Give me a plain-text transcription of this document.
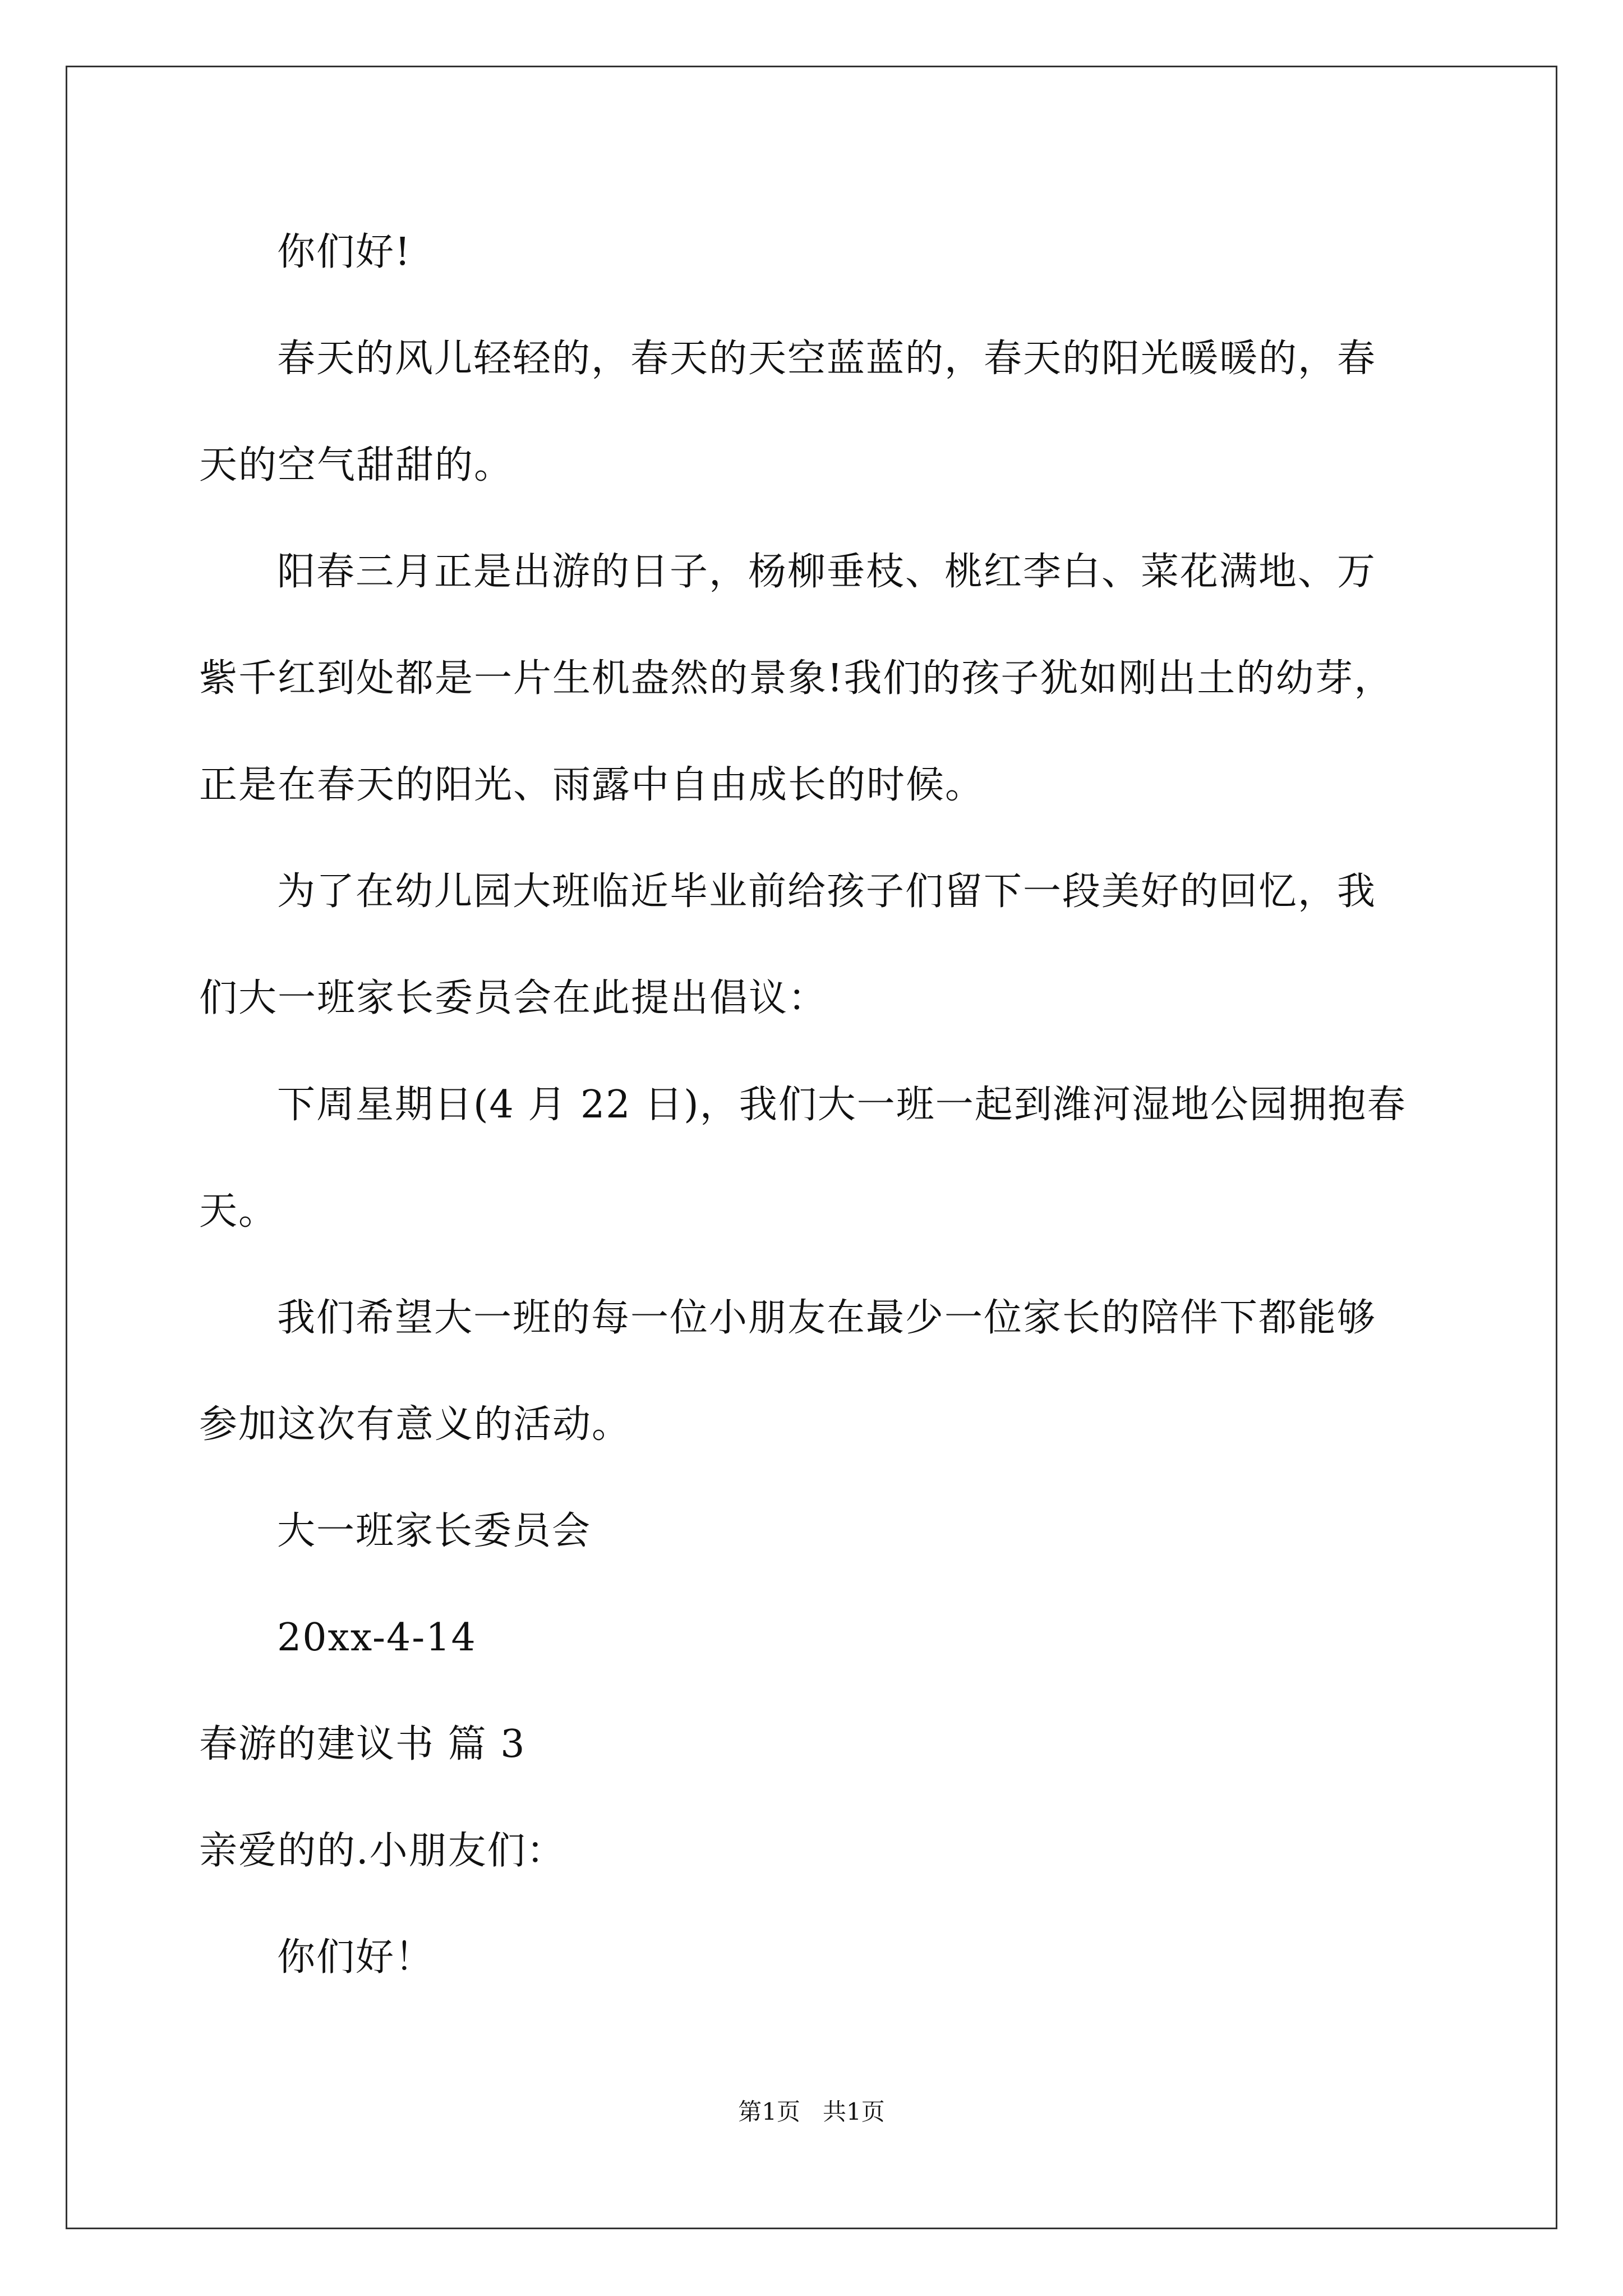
你们好!
春天的风儿轻轻的，春天的天空蓝蓝的，春天的阳光暖暖的，春
天的空气甜甜的。
阳春三月正是出游的日子，杨柳垂枝、桃红李白、菜花满地、万
紫千红到处都是一片生机盎然的景象!我们的孩子犹如刚出土的幼芽，
正是在春天的阳光、雨露中自由成长的时候。
为了在幼儿园大班临近毕业前给孩子们留下一段美好的回忆，我
们大一班家长委员会在此提出倡议：
下周星期日(4 月 22 日)，我们大一班一起到潍河湿地公园拥抱春
天。
我们希望大一班的每一位小朋友在最少一位家长的陪伴下都能够
参加这次有意义的活动。
大一班家长委员会
20xx-4-14
春游的建议书 篇 3
亲爱的的.小朋友们：
你们好！
第1页   共1页
